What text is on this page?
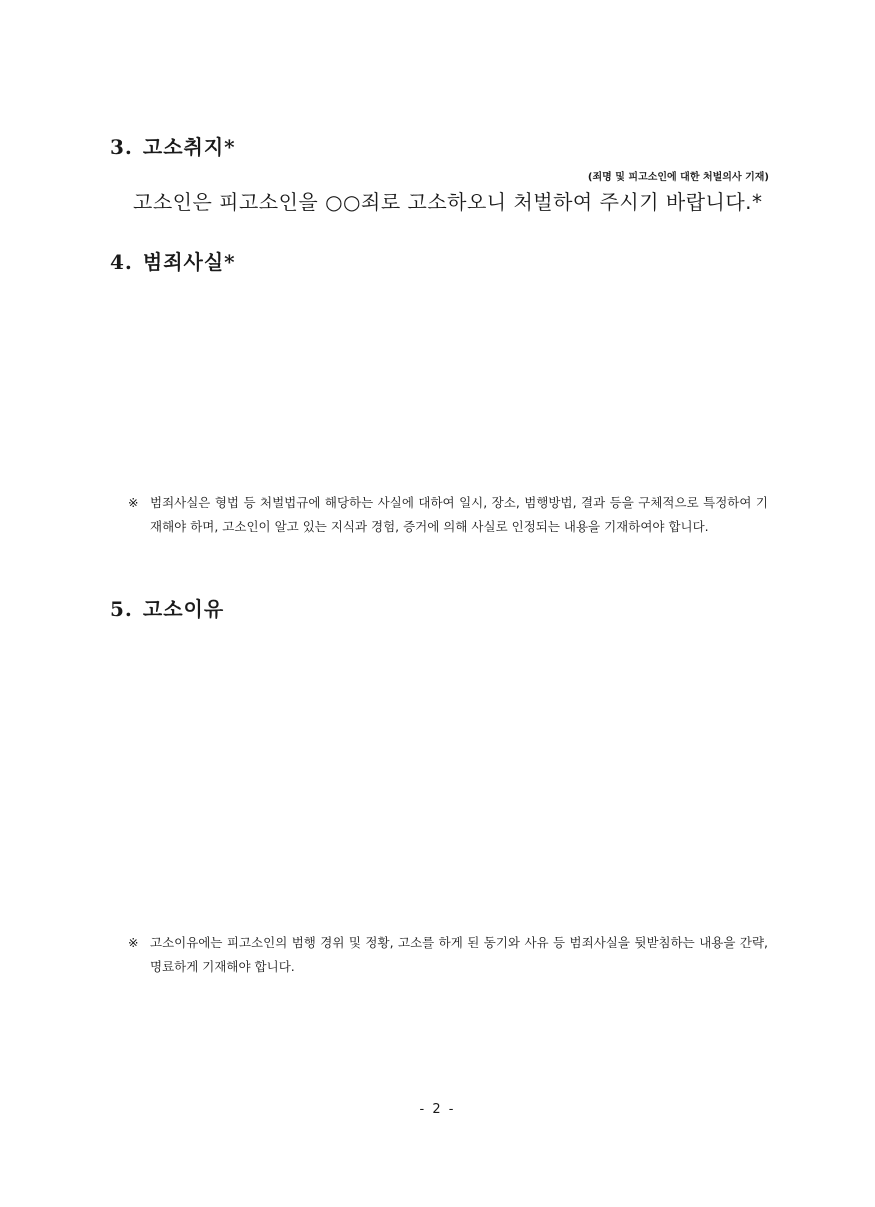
3. 고소취지*
(죄명 및 피고소인에 대한 처벌의사 기재)
고소인은 피고소인을 ○○죄로 고소하오니 처벌하여 주시기 바랍니다.*
4. 범죄사실*
※ 범죄사실은 형법 등 처벌법규에 해당하는 사실에 대하여 일시, 장소, 범행방법, 결과 등을 구체적으로 특정하여 기재해야 하며, 고소인이 알고 있는 지식과 경험, 증거에 의해 사실로 인정되는 내용을 기재하여야 합니다.
5. 고소이유
※ 고소이유에는 피고소인의 범행 경위 및 정황, 고소를 하게 된 동기와 사유 등 범죄사실을 뒷받침하는 내용을 간략, 명료하게 기재해야 합니다.
- 2 -
